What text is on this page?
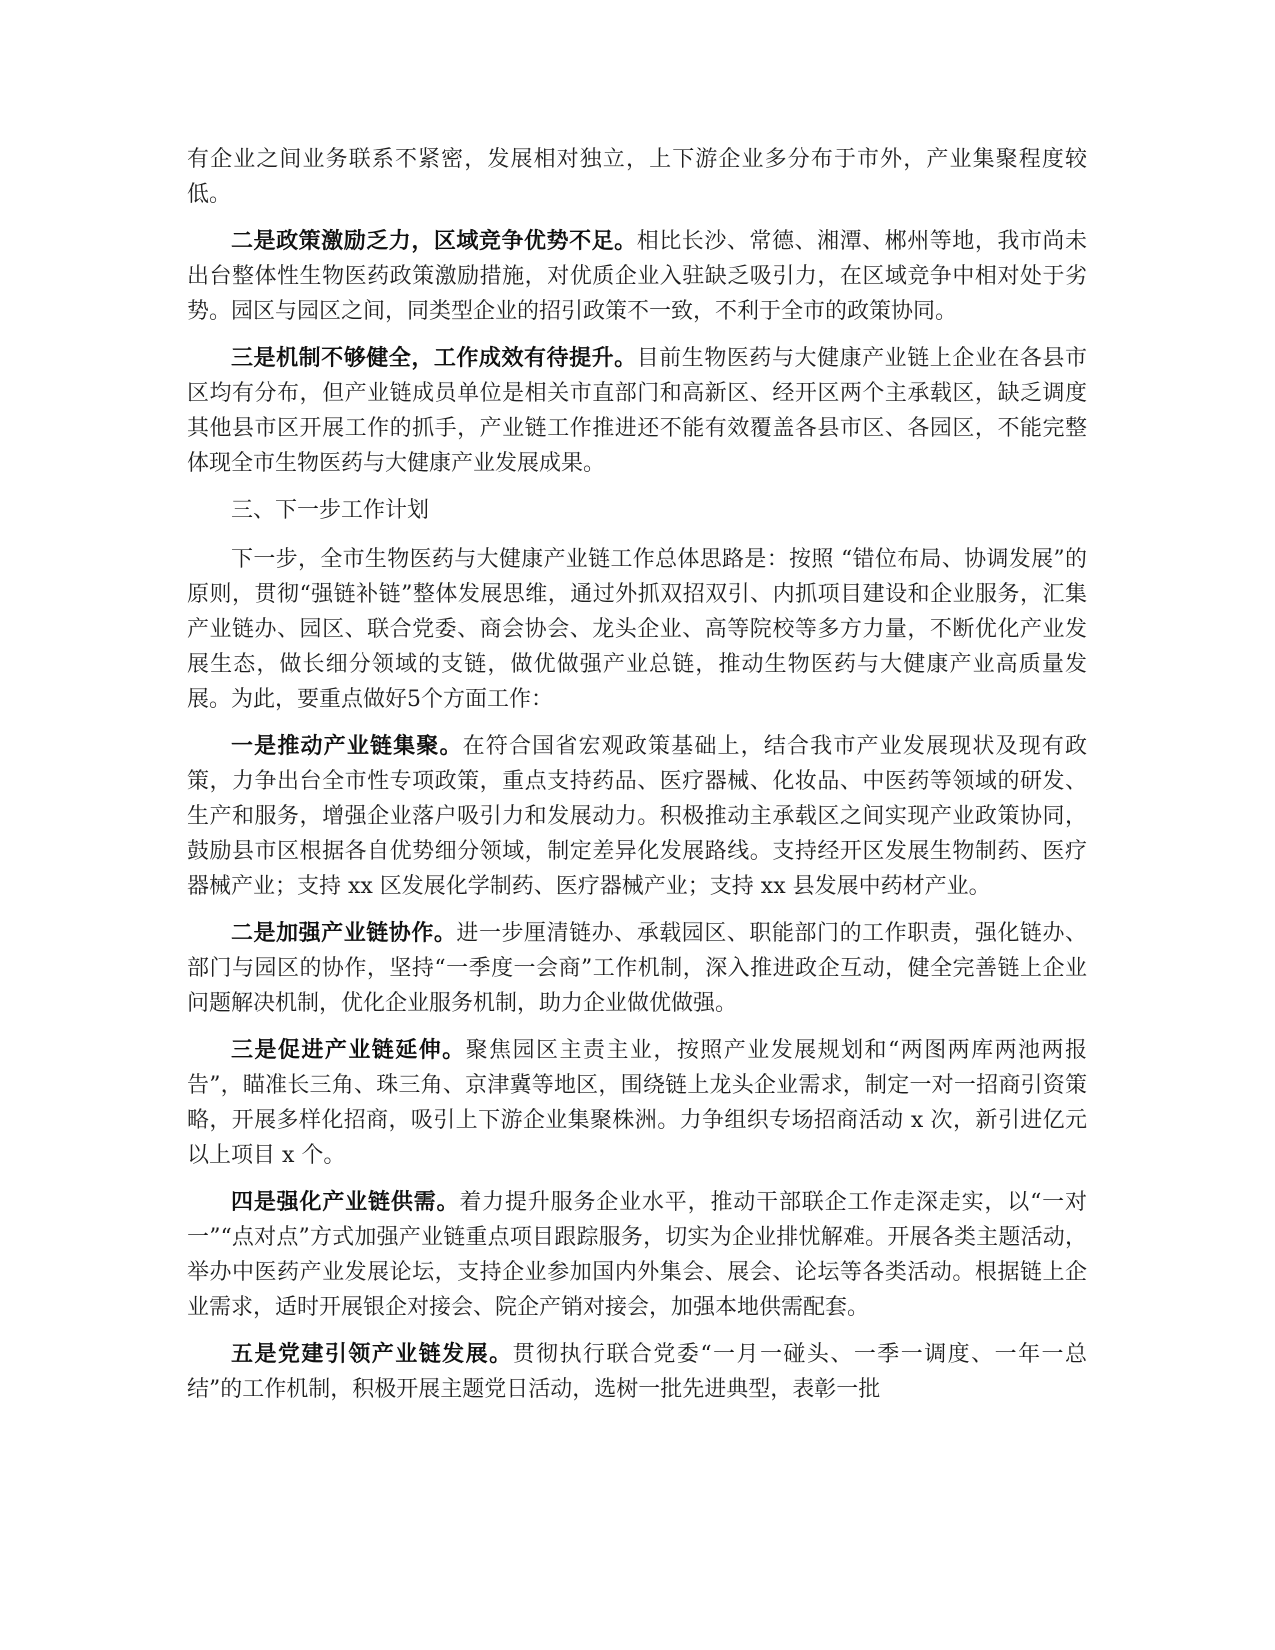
有企业之间业务联系不紧密，发展相对独立，上下游企业多分布于市外，产业集聚程度较低。

二是政策激励乏力，区域竞争优势不足。相比长沙、常德、湘潭、郴州等地，我市尚未出台整体性生物医药政策激励措施，对优质企业入驻缺乏吸引力，在区域竞争中相对处于劣势。园区与园区之间，同类型企业的招引政策不一致，不利于全市的政策协同。

三是机制不够健全，工作成效有待提升。目前生物医药与大健康产业链上企业在各县市区均有分布，但产业链成员单位是相关市直部门和高新区、经开区两个主承载区，缺乏调度其他县市区开展工作的抓手，产业链工作推进还不能有效覆盖各县市区、各园区，不能完整体现全市生物医药与大健康产业发展成果。

三、下一步工作计划

下一步，全市生物医药与大健康产业链工作总体思路是：按照 “错位布局、协调发展”的原则，贯彻“强链补链”整体发展思维，通过外抓双招双引、内抓项目建设和企业服务，汇集产业链办、园区、联合党委、商会协会、龙头企业、高等院校等多方力量，不断优化产业发展生态，做长细分领域的支链，做优做强产业总链，推动生物医药与大健康产业高质量发展。为此，要重点做好5个方面工作：

一是推动产业链集聚。在符合国省宏观政策基础上，结合我市产业发展现状及现有政策，力争出台全市性专项政策，重点支持药品、医疗器械、化妆品、中医药等领域的研发、生产和服务，增强企业落户吸引力和发展动力。积极推动主承载区之间实现产业政策协同，鼓励县市区根据各自优势细分领域，制定差异化发展路线。支持经开区发展生物制药、医疗器械产业；支持 xx 区发展化学制药、医疗器械产业；支持 xx 县发展中药材产业。

二是加强产业链协作。进一步厘清链办、承载园区、职能部门的工作职责，强化链办、部门与园区的协作，坚持“一季度一会商”工作机制，深入推进政企互动，健全完善链上企业问题解决机制，优化企业服务机制，助力企业做优做强。

三是促进产业链延伸。聚焦园区主责主业，按照产业发展规划和“两图两库两池两报告”，瞄准长三角、珠三角、京津冀等地区，围绕链上龙头企业需求，制定一对一招商引资策略，开展多样化招商，吸引上下游企业集聚株洲。力争组织专场招商活动 x 次，新引进亿元以上项目 x 个。

四是强化产业链供需。着力提升服务企业水平，推动干部联企工作走深走实，以“一对一”“点对点”方式加强产业链重点项目跟踪服务，切实为企业排忧解难。开展各类主题活动，举办中医药产业发展论坛，支持企业参加国内外集会、展会、论坛等各类活动。根据链上企业需求，适时开展银企对接会、院企产销对接会，加强本地供需配套。

五是党建引领产业链发展。贯彻执行联合党委“一月一碰头、一季一调度、一年一总结”的工作机制，积极开展主题党日活动，选树一批先进典型，表彰一批
